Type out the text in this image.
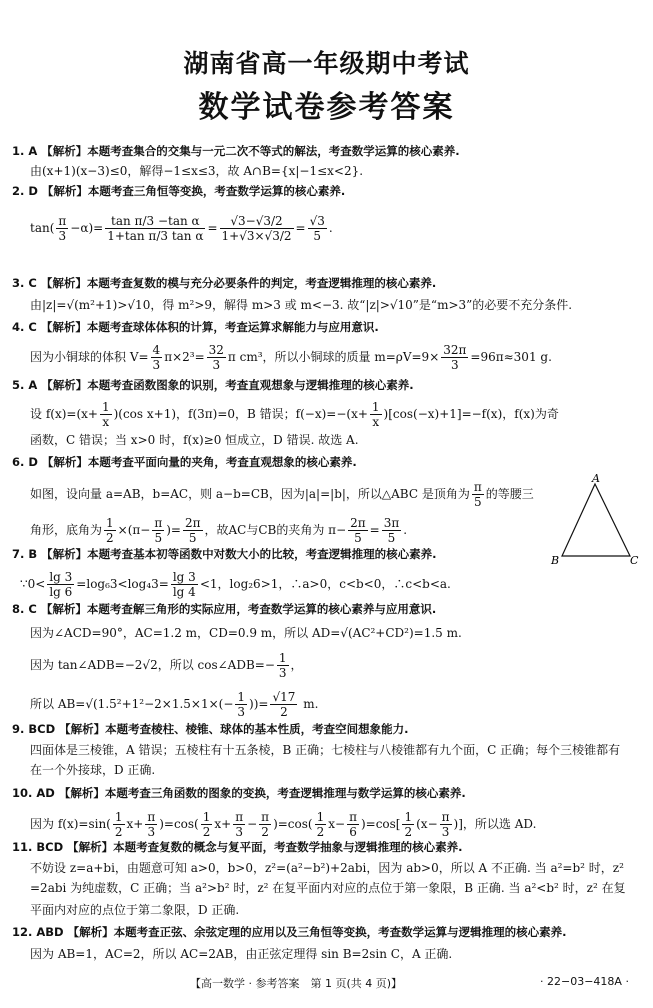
湖南省高一年级期中考试
数学试卷参考答案
1. A 【解析】本题考查集合的交集与一元二次不等式的解法，考查数学运算的核心素养.
由(x+1)(x−3)≤0，解得−1≤x≤3，故 A∩B={x|−1≤x<2}.
2. D 【解析】本题考查三角恒等变换，考查数学运算的核心素养.
$\tan( \frac{\pi}{3} -\alpha)= \frac{\text{tan π/3 −tan α}}{\text{1+tan π/3 tan α}} = \frac{√3-√3/2}{1+√3\times√3/2} = \frac{√3}{5}$ .
3. C 【解析】本题考查复数的模与充分必要条件的判定，考查逻辑推理的核心素养.
由|z|=√(m²+1)>√10，得 m²>9，解得 m>3 或 m<−3. 故“|z|>√10”是“m>3”的必要不充分条件.
4. C 【解析】本题考查球体体积的计算，考查运算求解能力与应用意识.
因为小铜球的体积 $V= \frac{4}{3} \pi\times 2^3= \frac{32}{3}$ π cm³，所以小铜球的质量 $m=\rho V=9\times \frac{32\pi}{3} =96\pi\approx 301$ g.
5. A 【解析】本题考查函数图象的识别，考查直观想象与逻辑推理的核心素养.
设 $f(x)=(x+ \frac{1}{x} )(\cos$ x+1)，f(3π)=0，B 错误；$f(-x)=-(x+ \frac{1}{x} )[\cos(-x)+1]=-f(x)$，f(x)为奇
函数，C 错误；当 x>0 时，f(x)≥0 恒成立，D 错误. 故选 A.
6. D 【解析】本题考查平面向量的夹角，考查直观想象的核心素养.
如图，设向量 a=AB，b=AC，则 a−b=CB，因为|a|=|b|，所以△ABC 是顶角为 $\frac{\pi}{5}$ 的等腰三
角形，底角为 $\frac{1}{2} \times(\pi- \frac{\pi}{5}$ )= $\frac{2\pi}{5}$ ，故AC与CB的夹角为 $\pi- \frac{2\pi}{5} = \frac{3\pi}{5}$ .
A
B	C
7. B 【解析】本题考查基本初等函数中对数大小的比较，考查逻辑推理的核心素养.
∵0< $\frac{\lg 3}{\lg 6} =\log_63<\log_43= \frac{\lg 3}{\lg 4} <1$，log₂6>1，∴a>0，c<b<0，∴c<b<a.
8. C 【解析】本题考查解三角形的实际应用，考查数学运算的核心素养与应用意识.
因为∠ACD=90°，AC=1.2 m，CD=0.9 m，所以 AD=√(AC²+CD²)=1.5 m.
因为 tan∠ADB=−2√2，所以 cos∠ADB=− $\frac{1}{3}$ ，
所以 $AB=√(1.5^2+1^2-2\times 1.5\times 1\times(- \frac{1}{3}$ ))= $\frac{√17}{2} m$.
9. BCD 【解析】本题考查棱柱、棱锥、球体的基本性质，考查空间想象能力.
四面体是三棱锥，A 错误；五棱柱有十五条棱，B 正确；七棱柱与八棱锥都有九个面，C 正确；每个三棱锥都有
在一个外接球，D 正确.
10. AD 【解析】本题考查三角函数的图象的变换，考查逻辑推理与数学运算的核心素养.
因为 $f(x)=\sin( \frac{1}{2} x+ \frac{\pi}{3} )=\cos( \frac{1}{2} x+ \frac{\pi}{3} - \frac{\pi}{2} )=\cos( \frac{1}{2} x- \frac{\pi}{6} )=\cos[ \frac{1}{2} (x- \frac{\pi}{3}$ )]，所以选 AD.
11. BCD 【解析】本题考查复数的概念与复平面，考查数学抽象与逻辑推理的核心素养.
不妨设 z=a+bi，由题意可知 a>0，b>0，z²=(a²−b²)+2abi，因为 ab>0，所以 A 不正确. 当 a²=b² 时，z²
=2abi 为纯虚数，C 正确；当 a²>b² 时，z² 在复平面内对应的点位于第一象限，B 正确. 当 a²<b² 时，z² 在复
平面内对应的点位于第二象限，D 正确.
12. ABD 【解析】本题考查正弦、余弦定理的应用以及三角恒等变换，考查数学运算与逻辑推理的核心素养.
因为 AB=1，AC=2，所以 AC=2AB，由正弦定理得 sin B=2sin C，A 正确.
【高一数学 · 参考答案　第 1 页(共 4 页)】	· 22−03−418A ·
